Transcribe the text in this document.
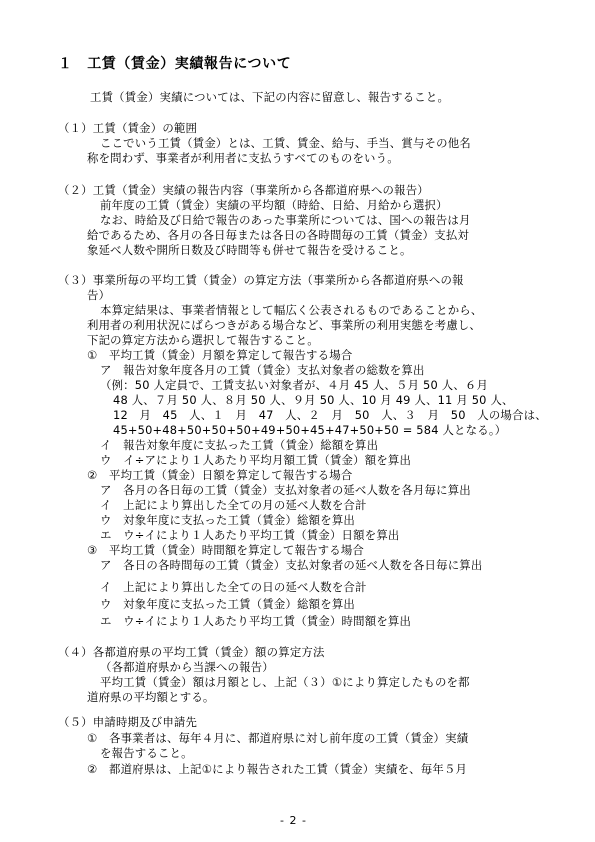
１　工賃（賃金）実績報告について
工賃（賃金）実績については、下記の内容に留意し、報告すること。
（１）工賃（賃金）の範囲
ここでいう工賃（賃金）とは、工賃、賃金、給与、手当、賞与その他名
称を問わず、事業者が利用者に支払うすべてのものをいう。
（２）工賃（賃金）実績の報告内容（事業所から各都道府県への報告）
前年度の工賃（賃金）実績の平均額（時給、日給、月給から選択）
なお、時給及び日給で報告のあった事業所については、国への報告は月
給であるため、各月の各日毎または各日の各時間毎の工賃（賃金）支払対
象延べ人数や開所日数及び時間等も併せて報告を受けること。
（３）事業所毎の平均工賃（賃金）の算定方法（事業所から各都道府県への報
告）
本算定結果は、事業者情報として幅広く公表されるものであることから、
利用者の利用状況にばらつきがある場合など、事業所の利用実態を考慮し、
下記の算定方法から選択して報告すること。
①　平均工賃（賃金）月額を算定して報告する場合
ア　報告対象年度各月の工賃（賃金）支払対象者の総数を算出
（例：50 人定員で、工賃支払い対象者が、４月 45 人、５月 50 人、６月
48 人、７月 50 人、８月 50 人、９月 50 人、10 月 49 人、11 月 50 人、
12　月　45　人、１　月　47　人、２　月　50　人、３　月　50　人の場合は、
45+50+48+50+50+50+49+50+45+47+50+50 = 584 人となる。）
イ　報告対象年度に支払った工賃（賃金）総額を算出
ウ　イ÷アにより１人あたり平均月額工賃（賃金）額を算出
②　平均工賃（賃金）日額を算定して報告する場合
ア　各月の各日毎の工賃（賃金）支払対象者の延べ人数を各月毎に算出
イ　上記により算出した全ての月の延べ人数を合計
ウ　対象年度に支払った工賃（賃金）総額を算出
エ　ウ÷イにより１人あたり平均工賃（賃金）日額を算出
③　平均工賃（賃金）時間額を算定して報告する場合
ア　各日の各時間毎の工賃（賃金）支払対象者の延べ人数を各日毎に算出
イ　上記により算出した全ての日の延べ人数を合計
ウ　対象年度に支払った工賃（賃金）総額を算出
エ　ウ÷イにより１人あたり平均工賃（賃金）時間額を算出
（４）各都道府県の平均工賃（賃金）額の算定方法
（各都道府県から当課への報告）
平均工賃（賃金）額は月額とし、上記（３）①により算定したものを都
道府県の平均額とする。
（５）申請時期及び申請先
①　各事業者は、毎年４月に、都道府県に対し前年度の工賃（賃金）実績
を報告すること。
②　都道府県は、上記①により報告された工賃（賃金）実績を、毎年５月
- 2 -
